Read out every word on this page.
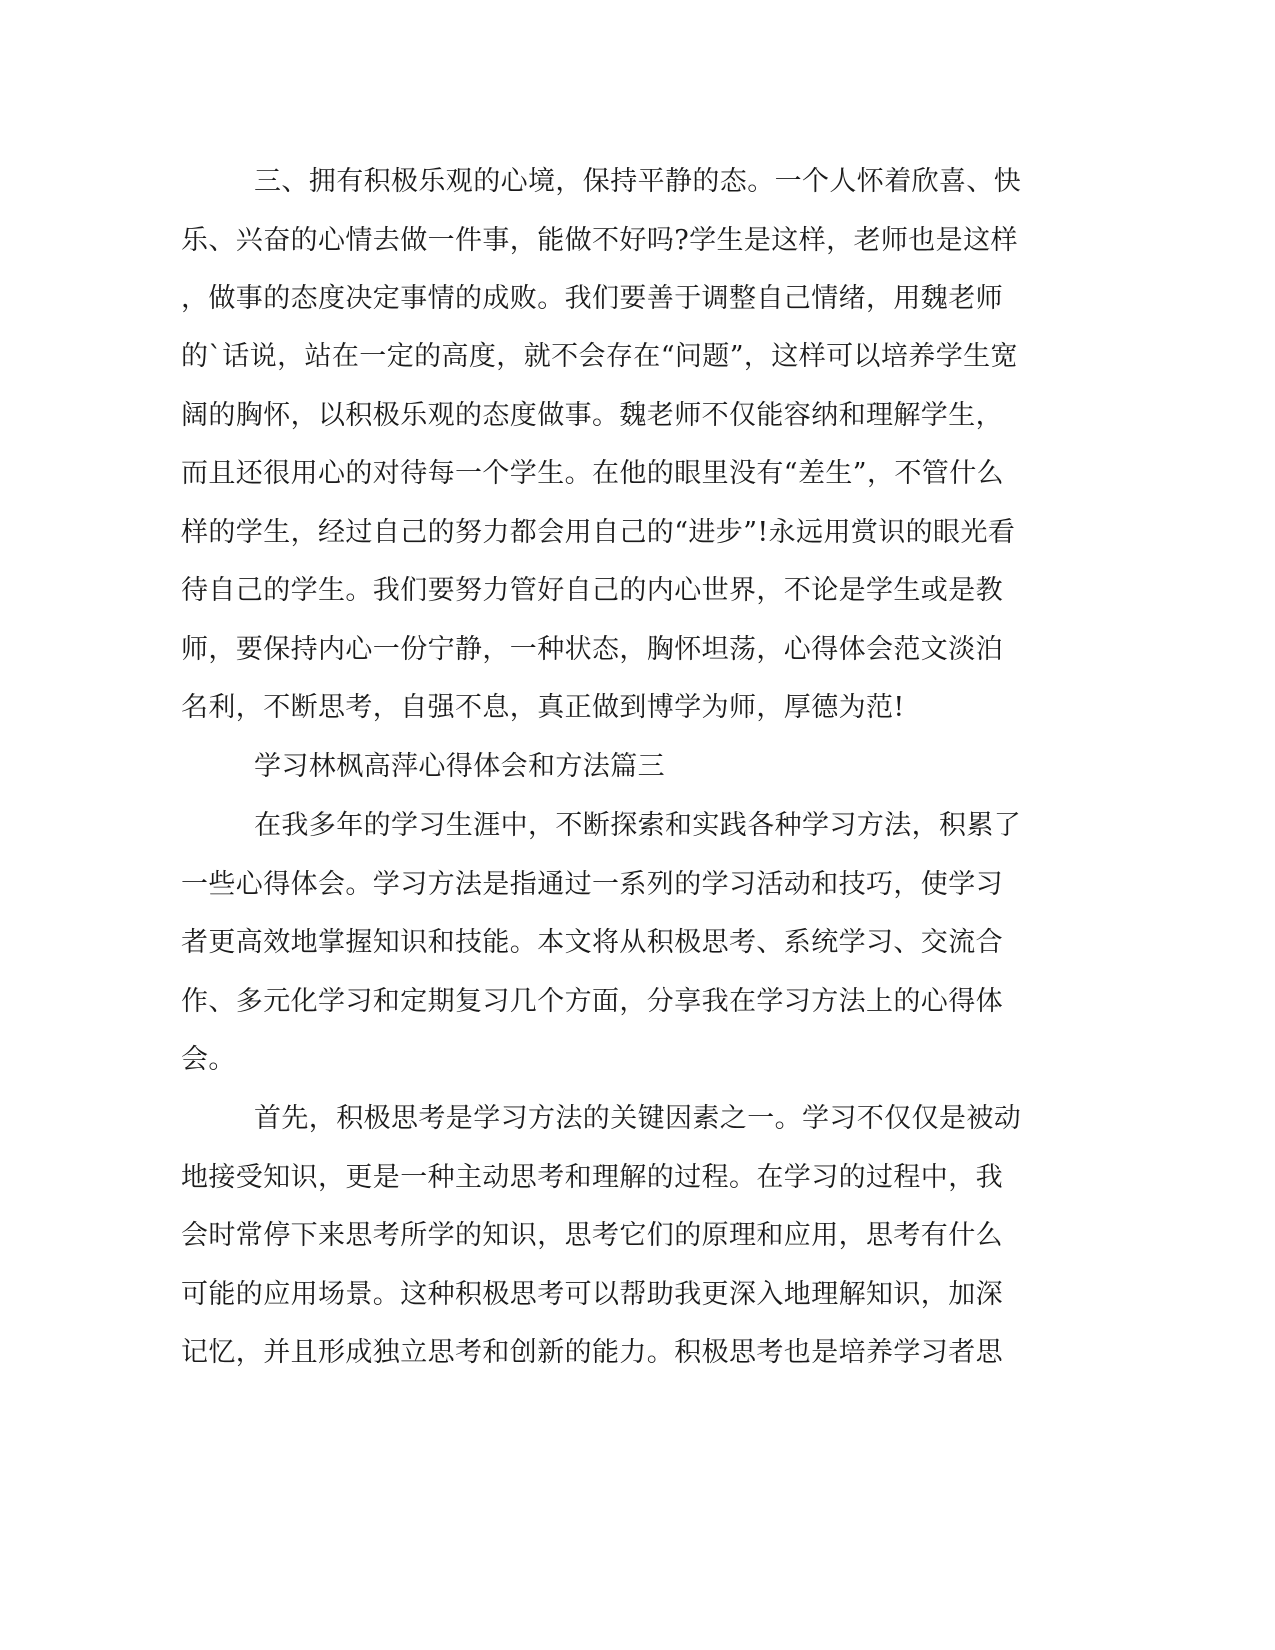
三、拥有积极乐观的心境，保持平静的态。一个人怀着欣喜、快

乐、兴奋的心情去做一件事，能做不好吗?学生是这样，老师也是这样

，做事的态度决定事情的成败。我们要善于调整自己情绪，用魏老师

的`话说，站在一定的高度，就不会存在“问题”，这样可以培养学生宽

阔的胸怀，以积极乐观的态度做事。魏老师不仅能容纳和理解学生，

而且还很用心的对待每一个学生。在他的眼里没有“差生”，不管什么

样的学生，经过自己的努力都会用自己的“进步”!永远用赏识的眼光看

待自己的学生。我们要努力管好自己的内心世界，不论是学生或是教

师，要保持内心一份宁静，一种状态，胸怀坦荡，心得体会范文淡泊

名利，不断思考，自强不息，真正做到博学为师，厚德为范!

学习林枫高萍心得体会和方法篇三

在我多年的学习生涯中，不断探索和实践各种学习方法，积累了

一些心得体会。学习方法是指通过一系列的学习活动和技巧，使学习

者更高效地掌握知识和技能。本文将从积极思考、系统学习、交流合

作、多元化学习和定期复习几个方面，分享我在学习方法上的心得体

会。

首先，积极思考是学习方法的关键因素之一。学习不仅仅是被动

地接受知识，更是一种主动思考和理解的过程。在学习的过程中，我

会时常停下来思考所学的知识，思考它们的原理和应用，思考有什么

可能的应用场景。这种积极思考可以帮助我更深入地理解知识，加深

记忆，并且形成独立思考和创新的能力。积极思考也是培养学习者思
